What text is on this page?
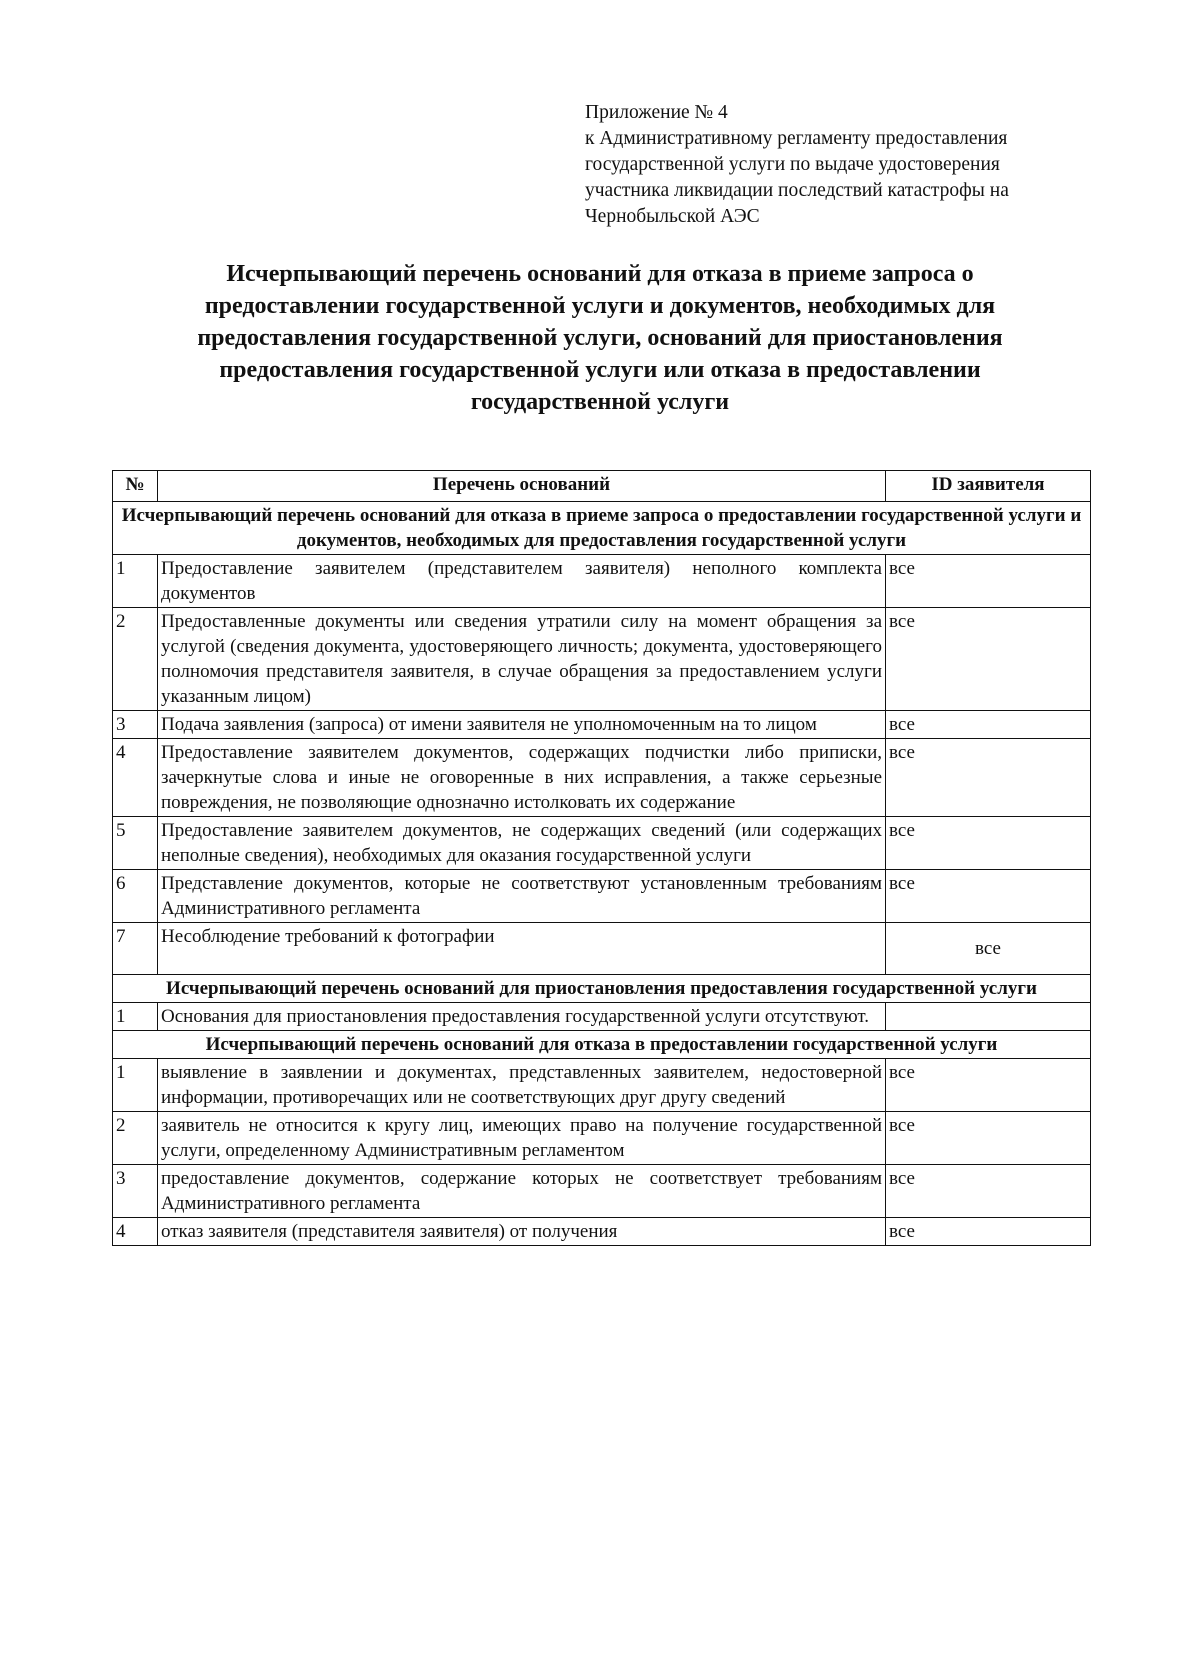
Приложение № 4
к Административному регламенту предоставления
государственной услуги по выдаче удостоверения
участника ликвидации последствий катастрофы на
Чернобыльской АЭС
Исчерпывающий перечень оснований для отказа в приеме запроса о
предоставлении государственной услуги и документов, необходимых для
предоставления государственной услуги, оснований для приостановления
предоставления государственной услуги или отказа в предоставлении
государственной услуги
№	Перечень оснований	ID заявителя
Исчерпывающий перечень оснований для отказа в приеме запроса о предоставлении государственной услуги и документов, необходимых для предоставления государственной услуги		
1	Предоставление заявителем (представителем заявителя) неполного комплекта документов	все
2	Предоставленные документы или сведения утратили силу на момент обращения за услугой (сведения документа, удостоверяющего личность; документа, удостоверяющего полномочия представителя заявителя, в случае обращения за предоставлением услуги указанным лицом)	все
3	Подача заявления (запроса) от имени заявителя не уполномоченным на то лицом	все
4	Предоставление заявителем документов, содержащих подчистки либо приписки, зачеркнутые слова и иные не оговоренные в них исправления, а также серьезные повреждения, не позволяющие однозначно истолковать их содержание	все
5	Предоставление заявителем документов, не содержащих сведений (или содержащих неполные сведения), необходимых для оказания государственной услуги	все
6	Представление документов, которые не соответствуют установленным требованиям Административного регламента	все
7	Несоблюдение требований к фотографии	все
Исчерпывающий перечень оснований для приостановления предоставления государственной услуги		
1	Основания для приостановления предоставления государственной услуги отсутствуют.	
Исчерпывающий перечень оснований для отказа в предоставлении государственной услуги		
1	выявление в заявлении и документах, представленных заявителем, недостоверной информации, противоречащих или не соответствующих друг другу сведений	все
2	заявитель не относится к кругу лиц, имеющих право на получение государственной услуги, определенному Административным регламентом	все
3	предоставление документов, содержание которых не соответствует требованиям Административного регламента	все
4	отказ заявителя (представителя заявителя) от получения	все
